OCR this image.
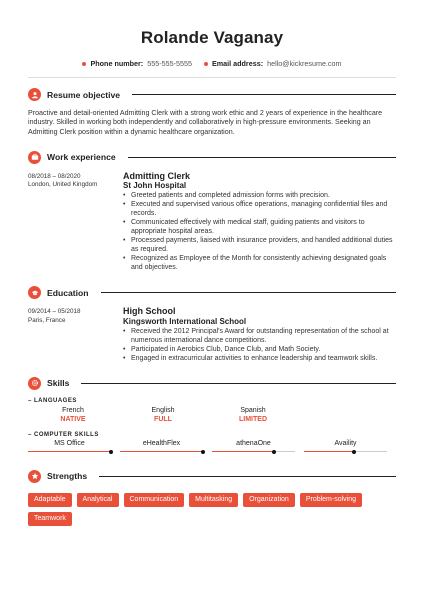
Rolande Vaganay
Phone number: 555-555-5555	Email address: hello@kickresume.com
Resume objective

Proactive and detail-oriented Admitting Clerk with a strong work ethic and 2 years of experience in the healthcare industry. Skilled in working both independently and collaboratively in high-pressure environments. Seeking an Admitting Clerk position within a dynamic healthcare organization.

Work experience
08/2018 – 08/2020
London, United Kingdom
Admitting Clerk
St John Hospital
• Greeted patients and completed admission forms with precision.
• Executed and supervised various office operations, managing confidential files and records.
• Communicated effectively with medical staff, guiding patients and visitors to appropriate hospital areas.
• Processed payments, liaised with insurance providers, and handled additional duties as required.
• Recognized as Employee of the Month for consistently achieving designated goals and objectives.
Education
09/2014 – 05/2018
Paris, France
High School
Kingsworth International School
• Received the 2012 Principal's Award for outstanding representation of the school at numerous international dance competitions.
• Participated in Aerobics Club, Dance Club, and Math Society.
• Engaged in extracurricular activities to enhance leadership and teamwork skills.
Skills
– LANGUAGES
French
NATIVE
English
FULL
Spanish
LIMITED
– COMPUTER SKILLS
MS Office	eHealthFlex	athenaOne	Availity
Strengths
Adaptable	Analytical	Communication	Multitasking	Organization	Problem-solving
Teamwork
